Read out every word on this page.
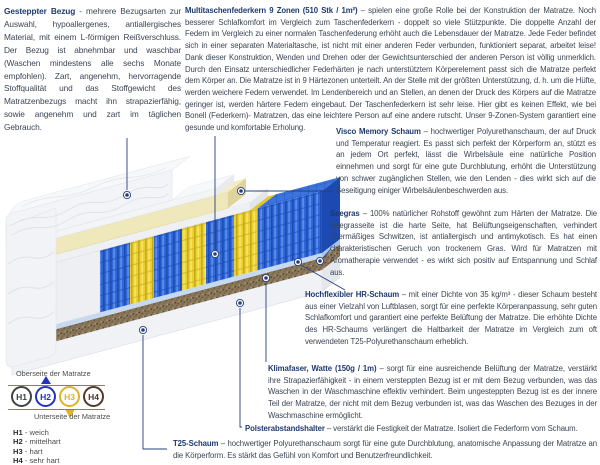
Gesteppter Bezug - mehrere Bezugsarten zur Auswahl, hypoallergenes, antiallergisches Material, mit einem L-förmigen Reißverschluss. Der Bezug ist abnehmbar und waschbar (Waschen mindestens alle sechs Monate empfohlen). Zart, angenehm, hervorragende Stoffqualität und das Stoffgewicht des Matratzenbezugs macht ihn strapazierfähig, sowie angenehm und zart im täglichen Gebrauch.

Multitaschenfederkern 9 Zonen (510 Stk / 1m²) – spielen eine große Rolle bei der Konstruktion der Matratze. Noch besserer Schlafkomfort im Vergleich zum Taschenfederkern - doppelt so viele Stützpunkte. Die doppelte Anzahl der Federn im Vergleich zu einer normalen Taschenfederung erhöht auch die Lebensdauer der Matratze. Jede Feder befindet sich in einer separaten Materialtasche, ist nicht mit einer anderen Feder verbunden, funktioniert separat, arbeitet leise! Dank dieser Konstruktion, Wenden und Drehen oder der Gewichtsunterschied der anderen Person ist völlig unmerklich. Durch den Einsatz unterschiedlicher Federhärten je nach unterstütztem Körperelement passt sich die Matratze perfekt dem Körper an. Die Matratze ist in 9 Härtezonen unterteilt. An der Stelle mit der größten Unterstützung, d. h. um die Hüfte, werden weichere Federn verwendet. Im Lendenbereich und an Stellen, an denen der Druck des Körpers auf die Matratze geringer ist, werden härtere Federn eingebaut. Der Taschenfederkern ist sehr leise. Hier gibt es keinen Effekt, wie bei Bonell (Federkern)- Matratzen, das eine leichtere Person auf eine andere rutscht. Unser 9-Zonen-System garantiert eine gesunde und komfortable Erholung.	Visco Memory Schaum – hochwertiger Polyurethanschaum, der auf Druck und Temperatur reagiert. Es passt sich perfekt der Körperform an, stützt es an jedem Ort perfekt, lässt die Wirbelsäule eine natürliche Position einnehmen und sorgt für eine gute Durchblutung, erhöht die Unterstützung von schwer zugänglichen Stellen, wie den Lenden - dies wirkt sich auf die Beseitigung einiger Wirbelsäulenbeschwerden aus.

Seegras – 100% natürlicher Rohstoff gewöhnt zum Härten der Matratze. Die Seegrasseite ist die harte Seite, hat Belüftungseigenschaften, verhindert übermäßiges Schwitzen, ist antiallergisch und antimykotisch. Es hat einen charakteristischen Geruch von trockenem Gras. Wird für Matratzen mit Aromatherapie verwendet - es wirkt sich positiv auf Entspannung und Schlaf aus.

Hochflexibler HR-Schaum – mit einer Dichte von 35 kg/m³ - dieser Schaum besteht aus einer Vielzahl von Luftblasen, sorgt für eine perfekte Körperanpassung, sehr guten Schlafkomfort und garantiert eine perfekte Belüftung der Matratze. Die erhöhte Dichte des HR-Schaums verlängert die Haltbarkeit der Matratze im Vergleich zum oft verwendeten T25-Polyurethanschaum erheblich.

Klimafaser, Watte (150g / 1m) – sorgt für eine ausreichende Belüftung der Matratze, verstärkt ihre Strapazierfähigkeit - in einem versteppten Bezug ist er mit dem Bezug verbunden, was das Waschen in der Waschmaschine effektiv verhindert. Beim ungesteppten Bezug ist es der innere Teil der Matratze, der nicht mit dem Bezug verbunden ist, was das Waschen des Bezuges in der Waschmaschine ermöglicht.

Polsterabstandshalter – verstärkt die Festigkeit der Matratze. Isoliert die Federform vom Schaum.

T25-Schaum – hochwertiger Polyurethanschaum sorgt für eine gute Durchblutung, anatomische Anpassung der Matratze an die Körperform. Es stärkt das Gefühl von Komfort und Benutzerfreundlichkeit.

Oberseite der Matratze
H1 H2 H3 H4
Unterseite der Matratze
H1 - weich
H2 - mittelhart
H3 - hart
H4 - sehr hart
